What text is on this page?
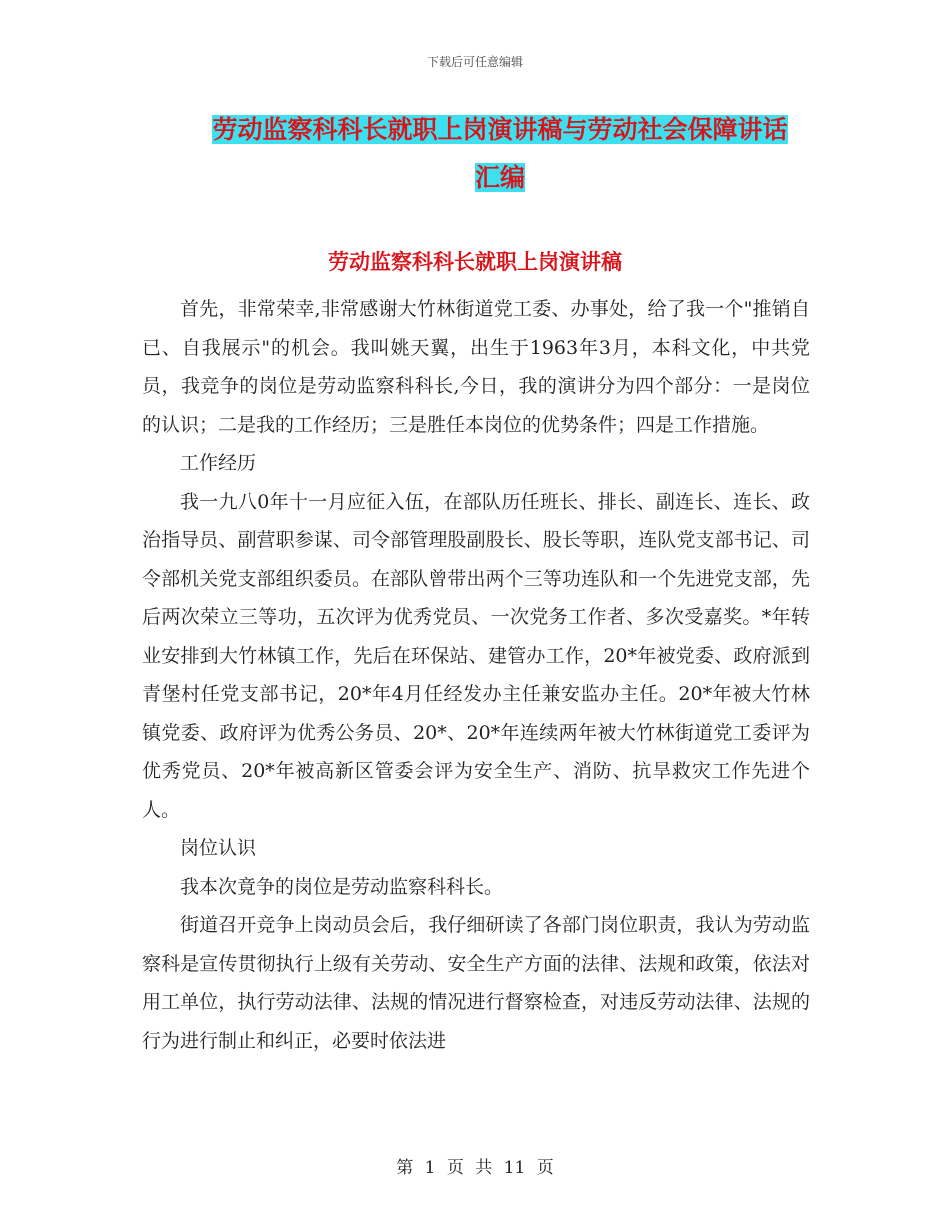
下载后可任意编辑
劳动监察科科长就职上岗演讲稿与劳动社会保障讲话
汇编
劳动监察科科长就职上岗演讲稿

首先，非常荣幸,非常感谢大竹林街道党工委、办事处，给了我一个"推销自已、自我展示"的机会。我叫姚天翼，出生于1963年3月，本科文化，中共党员，我竞争的岗位是劳动监察科科长,今日，我的演讲分为四个部分：一是岗位的认识；二是我的工作经历；三是胜任本岗位的优势条件；四是工作措施。

工作经历

我一九八0年十一月应征入伍，在部队历任班长、排长、副连长、连长、政治指导员、副营职参谋、司令部管理股副股长、股长等职，连队党支部书记、司令部机关党支部组织委员。在部队曾带出两个三等功连队和一个先进党支部，先后两次荣立三等功，五次评为优秀党员、一次党务工作者、多次受嘉奖。*年转业安排到大竹林镇工作，先后在环保站、建管办工作，20*年被党委、政府派到青堡村任党支部书记，20*年4月任经发办主任兼安监办主任。20*年被大竹林镇党委、政府评为优秀公务员、20*、20*年连续两年被大竹林街道党工委评为优秀党员、20*年被高新区管委会评为安全生产、消防、抗旱救灾工作先进个人。

岗位认识

我本次竟争的岗位是劳动监察科科长。

街道召开竞争上岗动员会后，我仔细研读了各部门岗位职责，我认为劳动监察科是宣传贯彻执行上级有关劳动、安全生产方面的法律、法规和政策，依法对用工单位，执行劳动法律、法规的情况进行督察检查，对违反劳动法律、法规的行为进行制止和纠正，必要时依法进

第 1 页 共 11 页
